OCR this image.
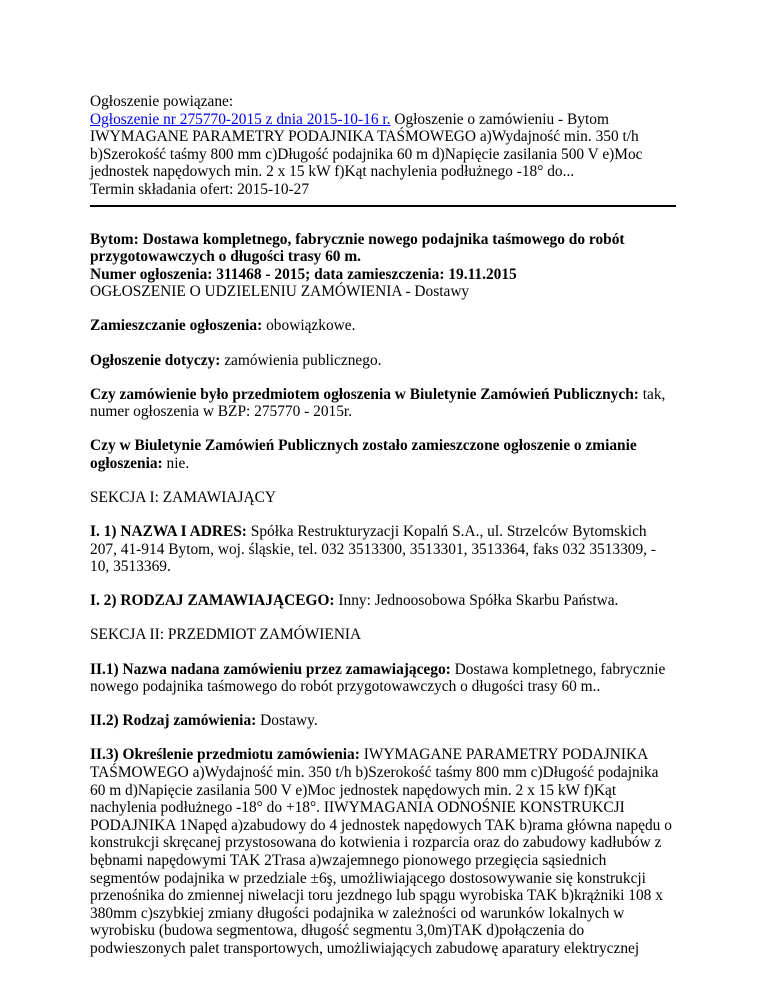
Ogłoszenie powiązane:
Ogłoszenie nr 275770-2015 z dnia 2015-10-16 r. Ogłoszenie o zamówieniu - Bytom
IWYMAGANE PARAMETRY PODAJNIKA TAŚMOWEGO a)Wydajność min. 350 t/h b)Szerokość taśmy 800 mm c)Długość podajnika 60 m d)Napięcie zasilania 500 V e)Moc jednostek napędowych min. 2 x 15 kW f)Kąt nachylenia podłużnego -18° do...
Termin składania ofert: 2015-10-27

Bytom: Dostawa kompletnego, fabrycznie nowego podajnika taśmowego do robót przygotowawczych o długości trasy 60 m.
Numer ogłoszenia: 311468 - 2015; data zamieszczenia: 19.11.2015
OGŁOSZENIE O UDZIELENIU ZAMÓWIENIA - Dostawy

Zamieszczanie ogłoszenia: obowiązkowe.

Ogłoszenie dotyczy: zamówienia publicznego.

Czy zamówienie było przedmiotem ogłoszenia w Biuletynie Zamówień Publicznych: tak, numer ogłoszenia w BZP: 275770 - 2015r.

Czy w Biuletynie Zamówień Publicznych zostało zamieszczone ogłoszenie o zmianie ogłoszenia: nie.

SEKCJA I: ZAMAWIAJĄCY

I. 1) NAZWA I ADRES: Spółka Restrukturyzacji Kopalń S.A., ul. Strzelców Bytomskich 207, 41-914 Bytom, woj. śląskie, tel. 032 3513300, 3513301, 3513364, faks 032 3513309, - 10, 3513369.

I. 2) RODZAJ ZAMAWIAJĄCEGO: Inny: Jednoosobowa Spółka Skarbu Państwa.

SEKCJA II: PRZEDMIOT ZAMÓWIENIA

II.1) Nazwa nadana zamówieniu przez zamawiającego: Dostawa kompletnego, fabrycznie nowego podajnika taśmowego do robót przygotowawczych o długości trasy 60 m..

II.2) Rodzaj zamówienia: Dostawy.

II.3) Określenie przedmiotu zamówienia: IWYMAGANE PARAMETRY PODAJNIKA TAŚMOWEGO a)Wydajność min. 350 t/h b)Szerokość taśmy 800 mm c)Długość podajnika 60 m d)Napięcie zasilania 500 V e)Moc jednostek napędowych min. 2 x 15 kW f)Kąt nachylenia podłużnego -18° do +18°. IIWYMAGANIA ODNOŚNIE KONSTRUKCJI PODAJNIKA 1Napęd a)zabudowy do 4 jednostek napędowych TAK b)rama główna napędu o konstrukcji skręcanej przystosowana do kotwienia i rozparcia oraz do zabudowy kadłubów z bębnami napędowymi TAK 2Trasa a)wzajemnego pionowego przegięcia sąsiednich segmentów podajnika w przedziale ±6ş, umożliwiającego dostosowywanie się konstrukcji przenośnika do zmiennej niwelacji toru jezdnego lub spągu wyrobiska TAK b)krążniki 108 x 380mm c)szybkiej zmiany długości podajnika w zależności od warunków lokalnych w wyrobisku (budowa segmentowa, długość segmentu 3,0m)TAK d)połączenia do podwieszonych palet transportowych, umożliwiających zabudowę aparatury elektrycznej
